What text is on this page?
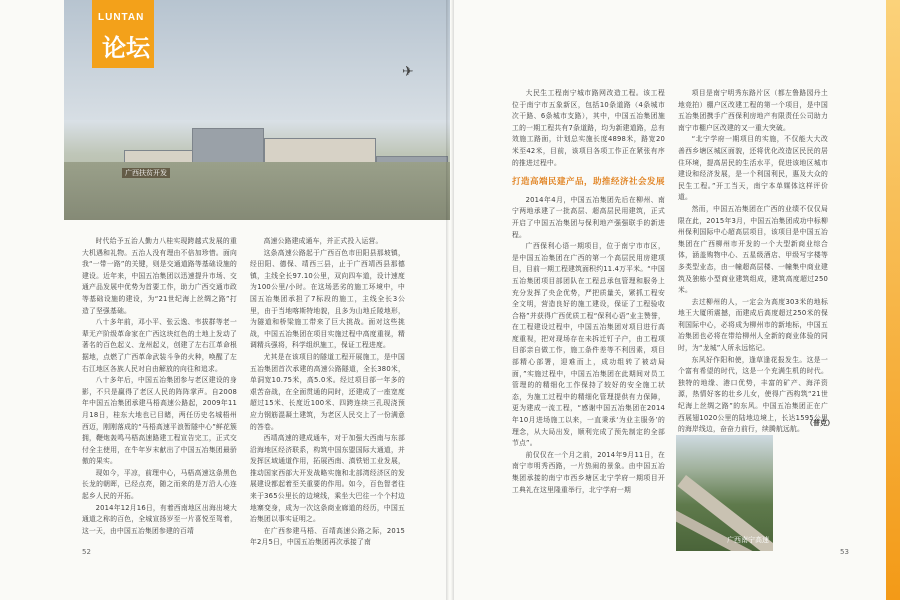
✈
广西扶贫开发
LUNTAN
论坛

时代给予五治人勤力八桂实现跨越式发展的重大机遇和礼物。五治人没有理由不倍加珍惜。面向我“一带一路”的关键，则是交通道路等基础设施的建设。近年来，中国五冶集团以迅速提升市场、交通产品发展中优势为首要工作，助力广西交通市政等基础设施的建设，为“21世纪海上丝绸之路”打造了坚强基础。

八十多年前，邓小平、张云逸、韦拔群等老一辈无产阶级革命家在广西这块红色的土地上发动了著名的百色起义、龙州起义，创建了左右江革命根据地，点燃了广西革命武装斗争的火种，唤醒了左右江地区各族人民对自由解放的向往和追求。

八十多年后，中国五冶集团参与老区建设的身影，不只是赢得了老区人民的阵阵掌声。自2008年中国五冶集团承建马梧高速公路起，2009年11月18日，桂东大地也已目睹，两任历史名城梧州西迈，刚刚落成的“马梧高速平浪暂隧中心”鲜花簇拥，鞭炮轰鸣马梧高速路建工程宣告完工，正式交付全主使用，在牛年岁末献出了中国五冶集团最骄傲的果实。

现如今，平凉，前理中心，马梧高速这条黑色长龙的朝晖，已经点亮，随之而来的是万沿人心连起乡人民的开拓。

2014年12月16日，有着西南地区出海出境大通道之称的百色，全城宣扬岁至一片喜悦至驾着，这一天，由中国五冶集团参建的百靖

高速公路建成通车，并正式投入运营。

这条高速公路起于广西百色市田阳县那坡镇，经田阳、德保、靖西三县，止于广西靖西县那德镇，主线全长97.10公里，双向四车道，设计速度为100公里/小时。在这场恶劣的施工环境中，中国五冶集团承担了7标段的施工，主线全长3公里，由于当地喀斯特地貌，且多为山地丘陵地形，为隧道和桥梁施工带来了巨大挑战。面对这些挑战，中国五冶集团在项目实施过程中高度重视，精调精兵强将，科学组织施工，保证工程进度。

尤其是在该项目的隧道工程开展施工，是中国五冶集团首次承建的高速公路隧道，全长380米，单洞宽10.75米，高5.0米。经过项目部一年多的艰苦奋战，在全面贯通的同时，还建成了一座宽度超过15米、长度近100米、四跨连续三孔现浇预应力钢筋混凝土建筑，为老区人民交上了一份满意的答卷。

西靖高速的建成通车，对于加强大西南与东部沿海地区经济联系，构筑中国东盟国际大通道，并发挥区域通道作用，拓展西南、滇铁铝工业发展，推动国家西部大开发战略实施和北部湾经济区的发展建设都起着至关重要的作用。如今，百色智者往来于365公里长的边境线，乘坐大巴往一个个村边地寨变身，成为一次这条商业廊道的经历，中国五冶集团以事实证明之。

在广西参建马梧、百靖高速公路之际，2015年2月5日，中国五冶集团再次承接了南

52

大民生工程南宁城市路网改造工程。该工程位于南宁市五象新区，包括10条道路（4条城市次干路、6条城市支路），其中，中国五冶集团施工的一期工程共有7条道路，均为新建道路，总有效施工路面，计划总实施长度4898米，路宽20米至42米，目前，该项目各项工作正在紧张有序的推进过程中。

打造高端民建产品，助推经济社会发展

2014年4月，中国五冶集团先后在柳州、南宁两地承建了一批高层、超高层民用建筑，正式开启了中国五冶集团与保利地产强强联手的新进程。

广西保利心语一期项目，位于南宁市市区，是中国五冶集团在广西的第一个高层民用房建项目，目前一期工程建筑面积约11.4万平米。“中国五冶集团项目部团队在工程总承包管理和服务上充分发挥了央企优势，严把质量关，紧抓工程安全文明，营造良好的施工建设，保证了工程验收合格”并获得广西优质工程“保利心语”业主赞誉，在工程建设过程中，中国五冶集团对项目进行高度重视，把对现场存在未拆迁钉子户，由工程项目部亲自做工作，施工条件差等不利因素，项目部精心部署，迎难而上，成功组转了被动局面，”实施过程中，中国五冶集团在此期间对员工管理的的精细化工作保持了较好的安全施工状态，为施工过程中的精细化管理提供有力保障，更为建成一流工程，“感谢中国五冶集团在2014年10月进场施工以来，一直秉承‘为业主服务’的理念，从大局出发，顺利完成了预先制定的全部节点”。

前仅仅在一个月之前，2014年9月11日，在南宁市明秀西路，一片热闹的景象。由中国五冶集团承接的南宁市西乡塘区北宁学府一期项目开工典礼在这里隆重举行，北宁学府一期

项目是南宁明秀东路片区（都左鲁路园丹土地竞拍）棚户区改建工程的第一个项目，是中国五冶集团携手广西保利房地产有限责任公司助力南宁市棚户区改建的又一重大突破。

“北宁学府一期项目的实施，不仅能大大改善西乡塘区城区面貌，还将优化改造区民民的居住环境，提高居民的生活水平，促进该地区城市建设和经济发展，是一个利国利民，惠及大众的民生工程。”开工当天，南宁本单媒体这样评价道。

然而，中国五冶集团在广西的业绩不仅仅局限在此，2015年3月，中国五冶集团成功中标柳州保利国际中心超高层项目，该项目是中国五冶集团在广西柳州市开发的一个大型新商业综合体，涵盖购物中心、五星级酒店、甲级写字楼等多类型业态，由一幢超高层楼、一幢集中商业建筑及独栋小型商业建筑组成，建筑高度超过250米。

去过柳州的人，一定会为高度303米的地标地王大厦所震撼，而建成后高度超过250米的保利国际中心，必将成为柳州市的新地标，中国五冶集团也必将在带给柳州人全新的商业体验的同时，为“龙城”人所永远铭记。

东风好作阳和使，逢草逢花报发生。这是一个富有希望的时代，这是一个充满生机的时代。独特的地缘、港口优势，丰富的矿产、海洋资源，热情好客的壮乡儿女，使得广西构筑“21世纪海上丝绸之路”的东风。中国五冶集团正在广西展翅1020公里的陆地边境上，长达1595公里的海岸线边，奋奋力前行，续腾航远航。

53
广西南宁高速
（普克）
